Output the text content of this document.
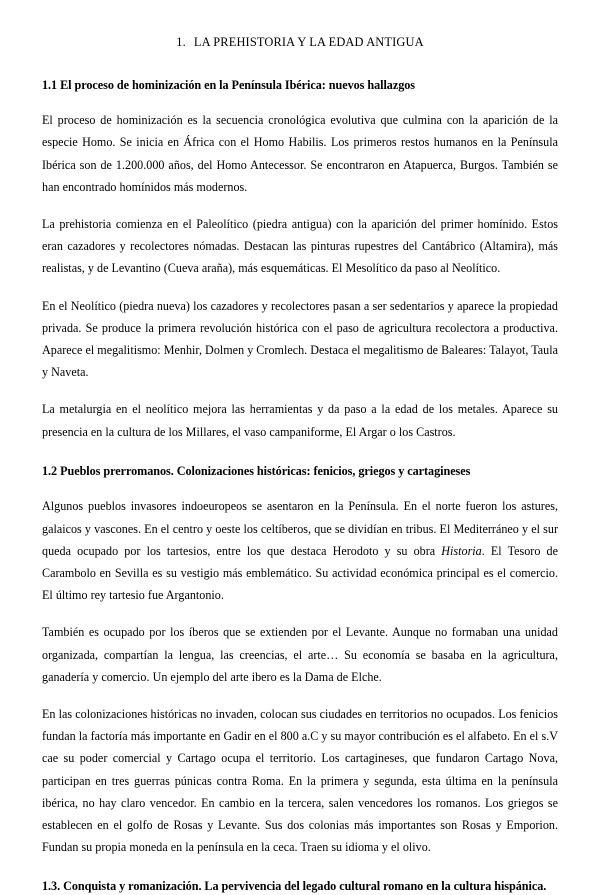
1. LA PREHISTORIA Y LA EDAD ANTIGUA
1.1 El proceso de hominización en la Península Ibérica: nuevos hallazgos

El proceso de hominización es la secuencia cronológica evolutiva que culmina con la aparición de la especie Homo. Se inicia en África con el Homo Habilis. Los primeros restos humanos en la Península Ibérica son de 1.200.000 años, del Homo Antecessor. Se encontraron en Atapuerca, Burgos. También se han encontrado homínidos más modernos.

La prehistoria comienza en el Paleolítico (piedra antigua) con la aparición del primer homínido. Estos eran cazadores y recolectores nómadas. Destacan las pinturas rupestres del Cantábrico (Altamira), más realistas, y de Levantino (Cueva araña), más esquemáticas. El Mesolítico da paso al Neolítico.

En el Neolítico (piedra nueva) los cazadores y recolectores pasan a ser sedentarios y aparece la propiedad privada. Se produce la primera revolución histórica con el paso de agricultura recolectora a productiva. Aparece el megalitismo: Menhir, Dolmen y Cromlech. Destaca el megalitismo de Baleares: Talayot, Taula y Naveta.

La metalurgia en el neolítico mejora las herramientas y da paso a la edad de los metales. Aparece su presencia en la cultura de los Millares, el vaso campaniforme, El Argar o los Castros.

1.2 Pueblos prerromanos. Colonizaciones históricas: fenicios, griegos y cartagineses

Algunos pueblos invasores indoeuropeos se asentaron en la Península. En el norte fueron los astures, galaicos y vascones. En el centro y oeste los celtíberos, que se dividían en tribus. El Mediterráneo y el sur queda ocupado por los tartesios, entre los que destaca Herodoto y su obra Historia. El Tesoro de Carambolo en Sevilla es su vestigio más emblemático. Su actividad económica principal es el comercio. El último rey tartesio fue Argantonio.

También es ocupado por los íberos que se extienden por el Levante. Aunque no formaban una unidad organizada, compartían la lengua, las creencias, el arte… Su economía se basaba en la agricultura, ganadería y comercio. Un ejemplo del arte ibero es la Dama de Elche.

En las colonizaciones históricas no invaden, colocan sus ciudades en territorios no ocupados. Los fenicios fundan la factoría más importante en Gadir en el 800 a.C y su mayor contribución es el alfabeto. En el s.V cae su poder comercial y Cartago ocupa el territorio. Los cartagineses, que fundaron Cartago Nova, participan en tres guerras púnicas contra Roma. En la primera y segunda, esta última en la península ibérica, no hay claro vencedor. En cambio en la tercera, salen vencedores los romanos. Los griegos se establecen en el golfo de Rosas y Levante. Sus dos colonias más importantes son Rosas y Emporion. Fundan su propia moneda en la península en la ceca. Traen su idioma y el olivo.

1.3. Conquista y romanización. La pervivencia del legado cultural romano en la cultura hispánica.
